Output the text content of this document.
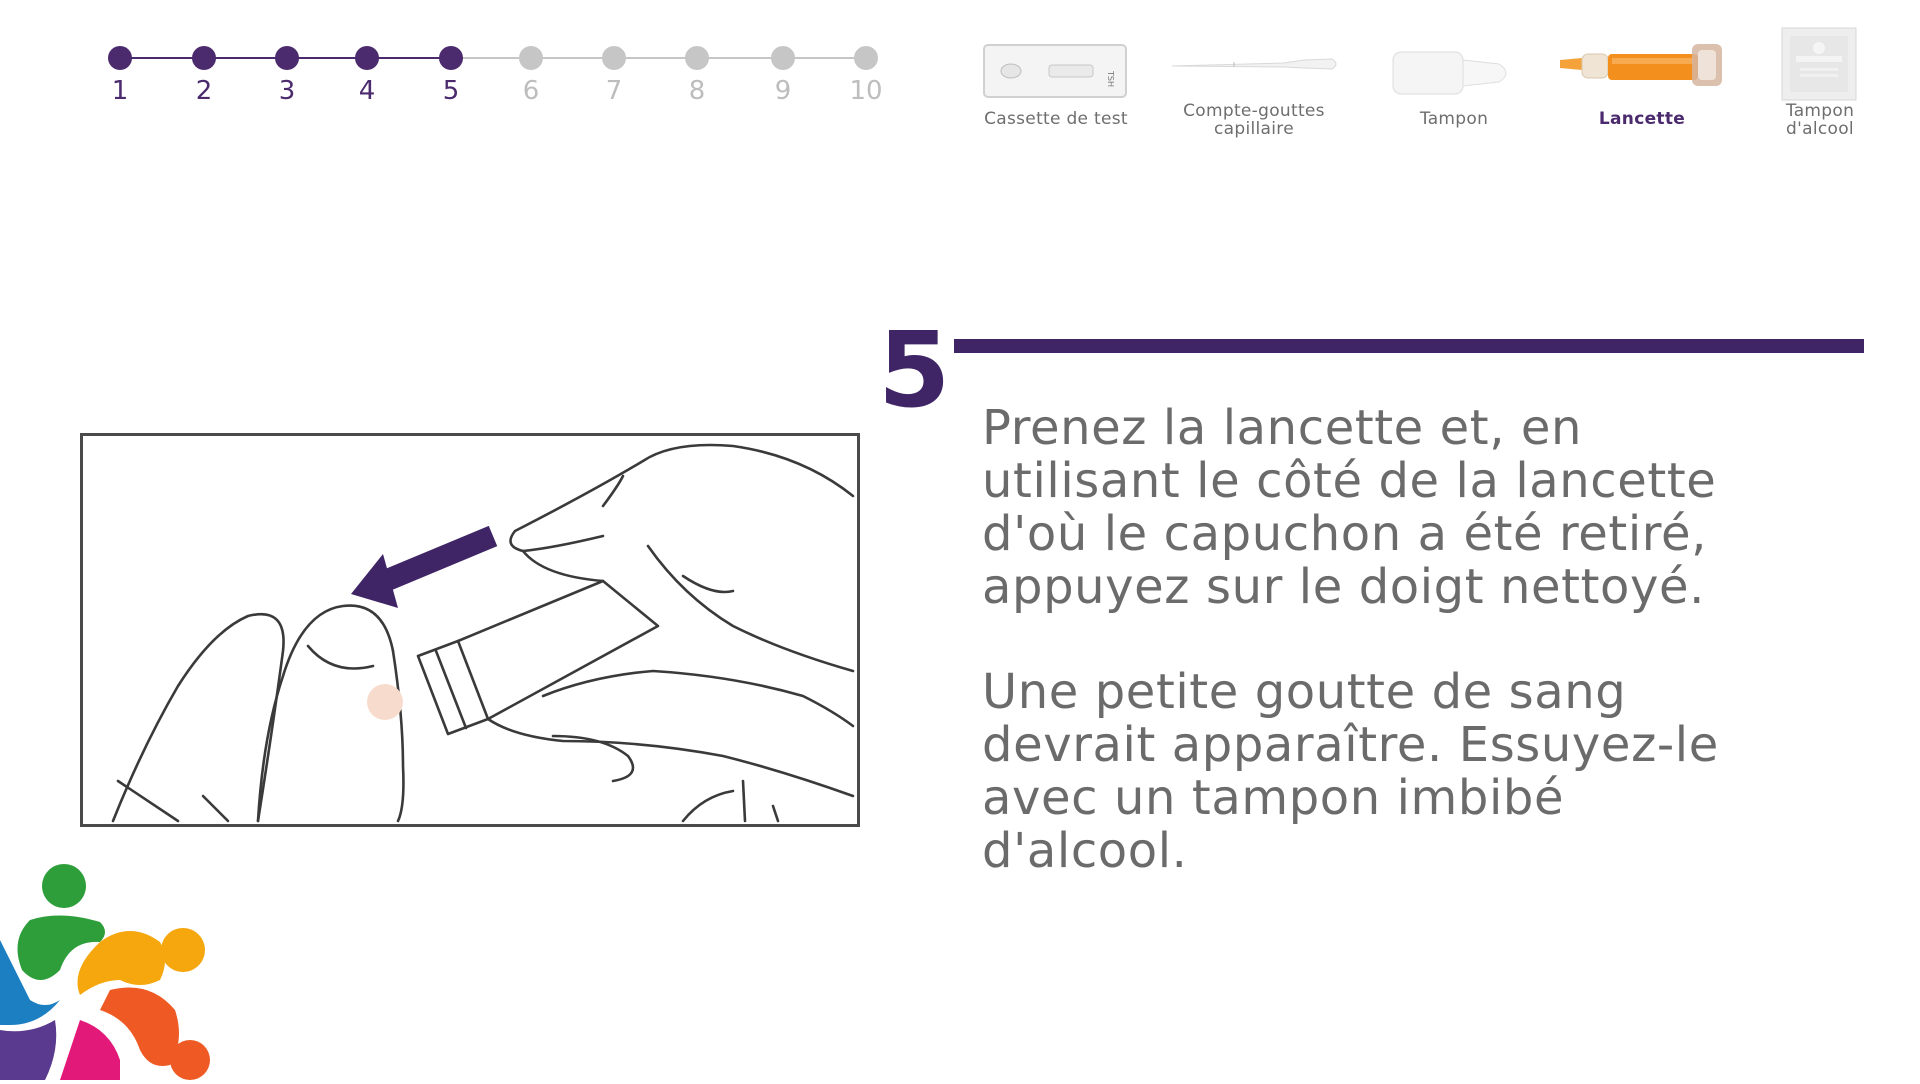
1	2	3	4	5	6	7	8	9	10	TSH
Cassette de test	Compte-gouttes
capillaire	Tampon	Lancette	Tampon
d'alcool
5 Prenez la lancette et, en
utilisant le côté de la lancette
d'où le capuchon a été retiré,
appuyez sur le doigt nettoyé.

Une petite goutte de sang
devrait apparaître. Essuyez-le
avec un tampon imbibé
d'alcool.
